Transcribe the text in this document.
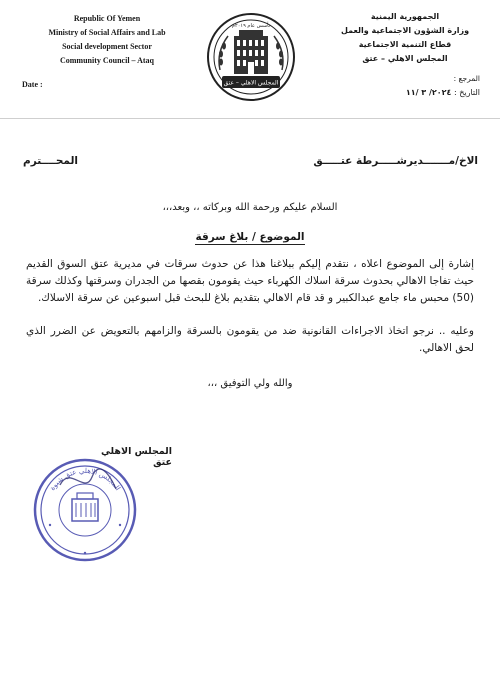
Republic Of Yemen
Ministry of Social Affairs and Lab
Social development Sector
Community Council – Ataq
Date :	المجلس الاهلي – عتق
تأسس عام ٢٠١٩م
الجمهورية اليمنية
وزارة الشؤون الاجتماعية والعمل
قطاع التنمية الاجتماعية
المجلس الاهلي – عتق
المرجع :
التاريخ : ٢٠٢٤/ ٣ /١١
الاخ/مـــــــديرشـــــرطة عتـــــق
المحــــترم
السلام عليكم ورحمة الله وبركاته ،، وبعد،،،
الموضوع / بلاغ سرقة
إشارة إلى الموضوع اعلاه ، نتقدم إليكم ببلاغنا هذا عن حدوث سرقات في مديرية عتق السوق القديم حيث تفاجا الاهالي بحدوث سرقة اسلاك الكهرباء حيث يقومون بقصها من الجدران وسرقتها وكذلك سرقة (50) محبس ماء جامع عبدالكبير و قد قام الاهالي بتقديم بلاغ للبحث قبل اسبوعين عن سرقة الاسلاك.
وعليه .. نرجو اتخاذ الاجراءات القانونية ضد من يقومون بالسرقة والزامهم بالتعويض عن الضرر الذي لحق الاهالي.
والله ولي التوفيق ،،،
المجلس الاهلي عتق
المجلس الاهلي عتق شبوة
